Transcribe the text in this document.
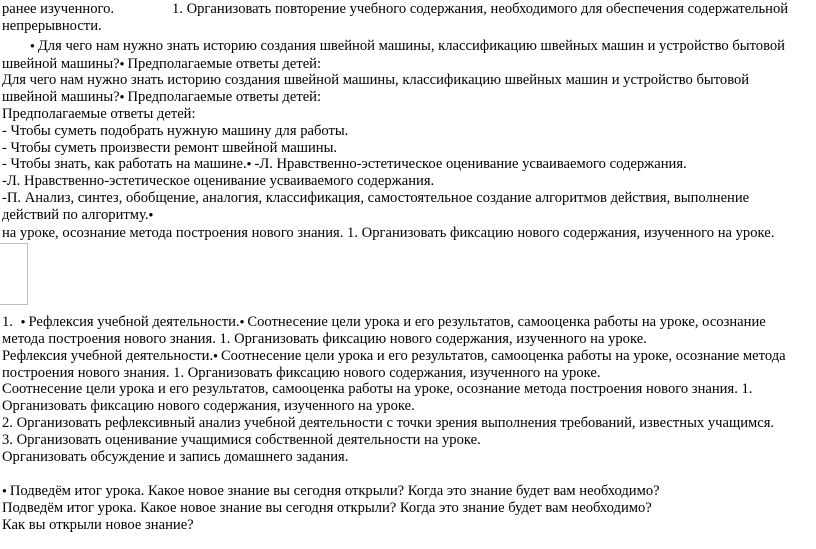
ранее изученного.	1. Организовать повторение учебного содержания, необходимого для обеспечения содержательной
непрерывности.
● Для чего нам нужно знать историю создания швейной машины, классификацию швейных машин и устройство бытовой
швейной машины? ● Предполагаемые ответы детей:
Для чего нам нужно знать историю создания швейной машины, классификацию швейных машин и устройство бытовой
швейной машины? ● Предполагаемые ответы детей:
Предполагаемые ответы детей:
- Чтобы суметь подобрать нужную машину для работы.
- Чтобы суметь произвести ремонт швейной машины.
- Чтобы знать, как работать на машине. ● -Л. Нравственно-эстетическое оценивание усваиваемого содержания.
-Л. Нравственно-эстетическое оценивание усваиваемого содержания.
-П. Анализ, синтез, обобщение, аналогия, классификация, самостоятельное создание алгоритмов действия, выполнение
действий по алгоритму.●
на уроке, осознание метода построения нового знания. 1. Организовать фиксацию нового содержания, изученного на уроке.
1. ● Рефлексия учебной деятельности. ● Соотнесение цели урока и его результатов, самооценка работы на уроке, осознание
метода построения нового знания. 1. Организовать фиксацию нового содержания, изученного на уроке.
Рефлексия учебной деятельности. ● Соотнесение цели урока и его результатов, самооценка работы на уроке, осознание метода
построения нового знания. 1. Организовать фиксацию нового содержания, изученного на уроке.
Соотнесение цели урока и его результатов, самооценка работы на уроке, осознание метода построения нового знания. 1.
Организовать фиксацию нового содержания, изученного на уроке.
2. Организовать рефлексивный анализ учебной деятельности с точки зрения выполнения требований, известных учащимся.
3. Организовать оценивание учащимися собственной деятельности на уроке.
Организовать обсуждение и запись домашнего задания.
● Подведём итог урока. Какое новое знание вы сегодня открыли? Когда это знание будет вам необходимо?
Подведём итог урока. Какое новое знание вы сегодня открыли? Когда это знание будет вам необходимо?
Как вы открыли новое знание?
